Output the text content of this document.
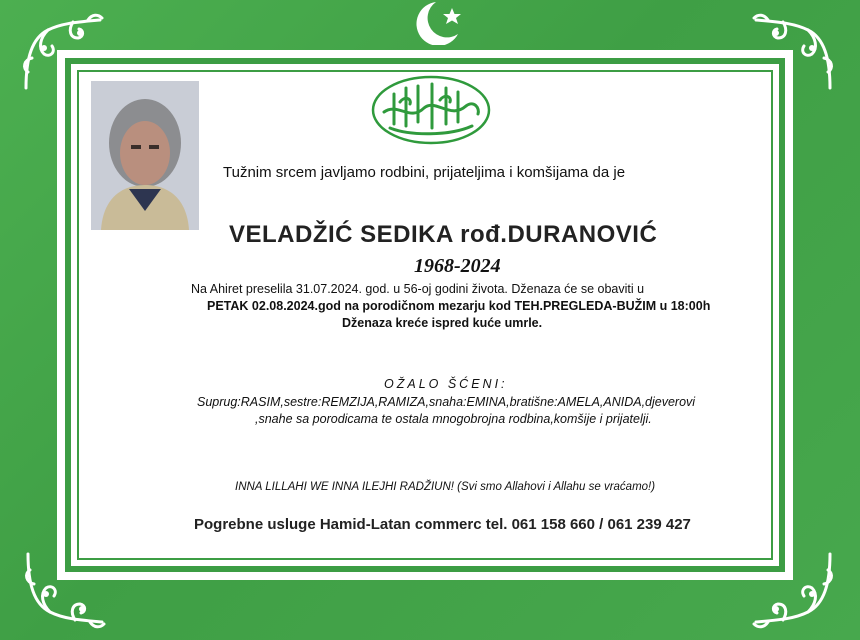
Tužnim srcem javljamo rodbini, prijateljima i komšijama da je
VELADŽIĆ SEDIKA rođ.DURANOVIĆ
1968-2024
Na Ahiret preselila 31.07.2024. god. u 56-oj godini života. Dženaza će se obaviti u
PETAK 02.08.2024.god na porodičnom mezarju kod TEH.PREGLEDA-BUŽIM u 18:00h
Dženaza kreće ispred kuće umrle.
OŽALO ŠĆENI:
Suprug:RASIM,sestre:REMZIJA,RAMIZA,snaha:EMINA,bratišne:AMELA,ANIDA,djeverovi
,snahe sa porodicama te ostala mnogobrojna rodbina,komšije i prijatelji.
INNA LILLAHI WE INNA ILEJHI RADŽIUN! (Svi smo Allahovi i Allahu se vraćamo!)
Pogrebne usluge Hamid-Latan commerc tel. 061 158 660 / 061 239 427
